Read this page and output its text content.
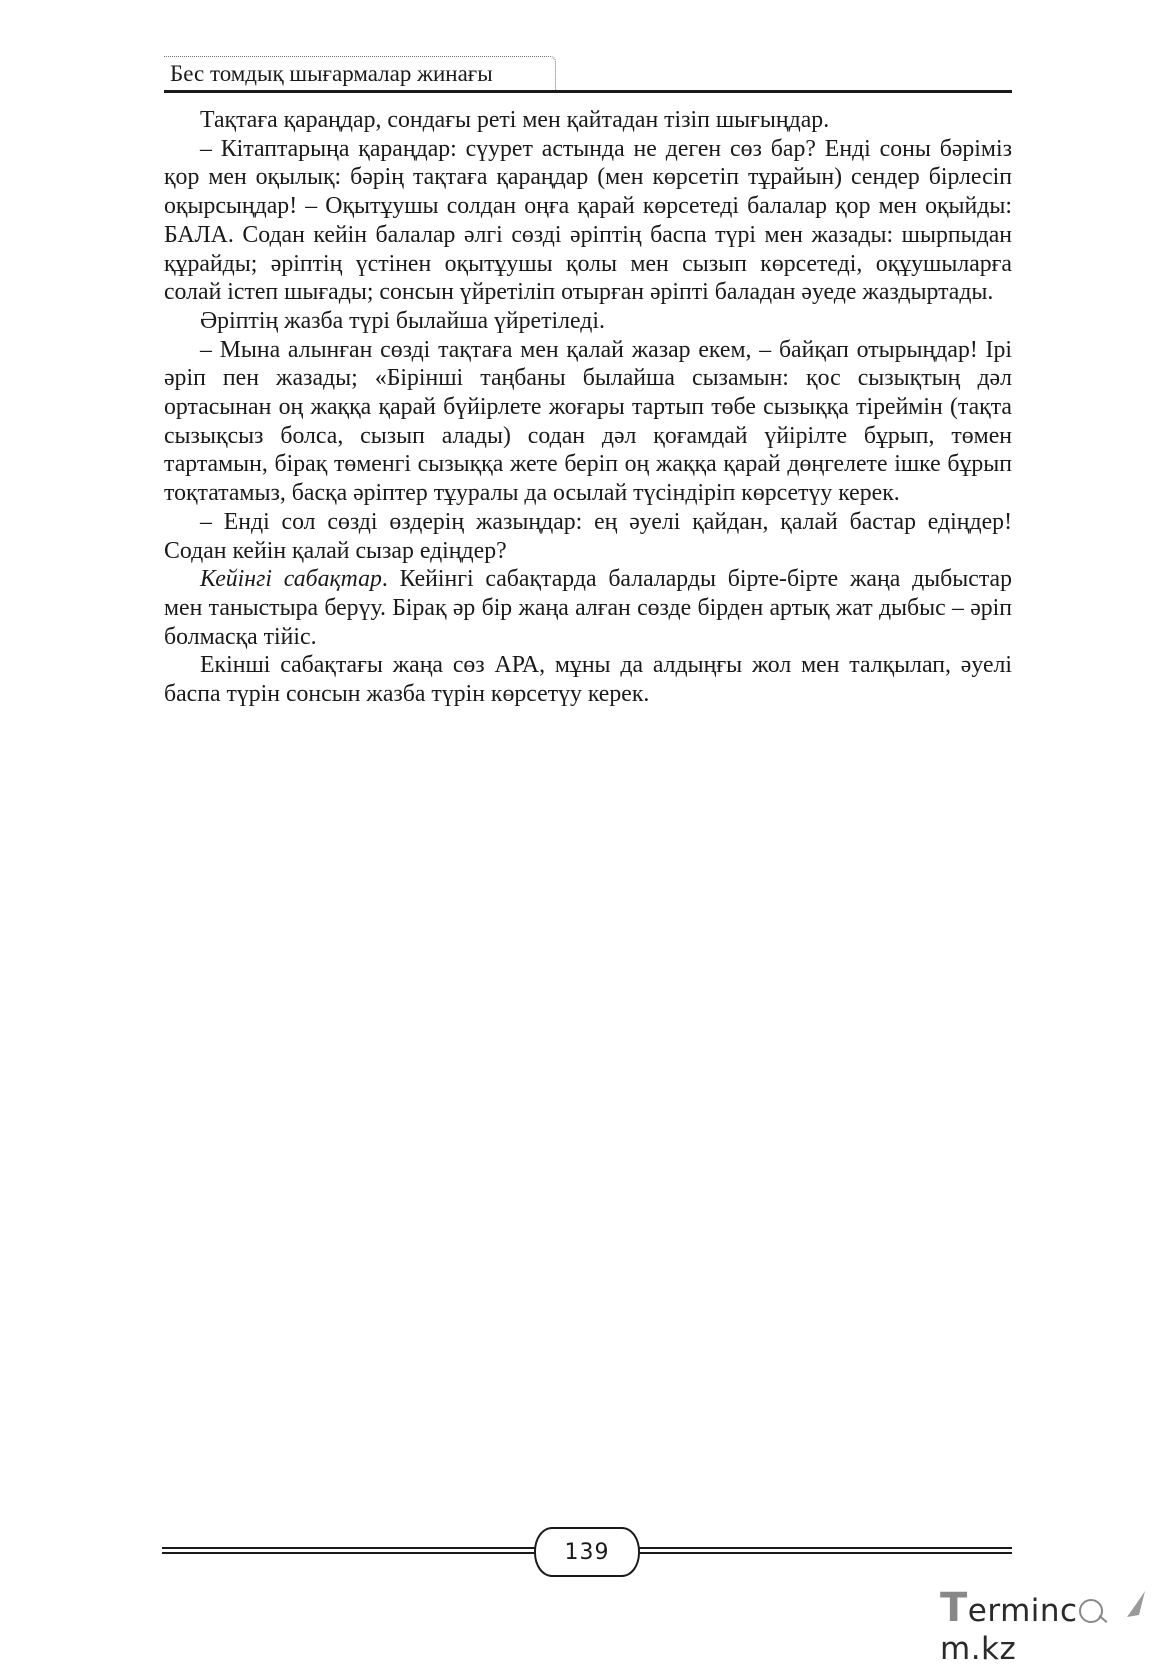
Бес томдық шығармалар жинағы

Тақтаға қараңдар, сондағы реті мен қайтадан тізіп шығыңдар.

– Кітаптарыңа қараңдар: сүурет астында не деген сөз бар? Енді соны бәріміз қор мен оқылық: бәрің тақтаға қараңдар (мен көрсетіп тұрайын) сендер бірлесіп оқырсыңдар! – Оқытұушы солдан оңға қарай көрсетеді балалар қор мен оқыйды: БАЛА. Содан кейін балалар әлгі сөзді әріптің баспа түрі мен жазады: шырпыдан құрайды; әріптің үстінен оқытұушы қолы мен сызып көрсетеді, оқұушыларға солай істеп шығады; сонсын үйретіліп отырған әріпті баладан әуеде жаздыртады.

Әріптің жазба түрі былайша үйретіледі.

– Мына алынған сөзді тақтаға мен қалай жазар екем, – байқап отырыңдар! Ірі әріп пен жазады; «Бірінші таңбаны былайша сызамын: қос сызықтың дәл ортасынан оң жаққа қарай бүйірлете жоғары тартып төбе сызыққа тіреймін (тақта сызықсыз болса, сызып алады) содан дәл қоғамдай үйірілте бұрып, төмен тартамын, бірақ төменгі сызыққа жете беріп оң жаққа қарай дөңгелете ішке бұрып тоқтатамыз, басқа әріптер тұуралы да осылай түсіндіріп көрсетүу керек.

– Енді сол сөзді өздерің жазыңдар: ең әуелі қайдан, қалай бастар едіңдер! Содан кейін қалай сызар едіңдер?

Кейінгі сабақтар. Кейінгі сабақтарда балаларды бірте-бірте жаңа дыбыстар мен таныстыра берүу. Бірақ әр бір жаңа алған сөзде бірден артық жат дыбыс – әріп болмасқа тійіс.

Екінші сабақтағы жаңа сөз АРА, мұны да алдыңғы жол мен талқылап, әуелі баспа түрін сонсын жазба түрін көрсетүу керек.

139
Termincm.kz
